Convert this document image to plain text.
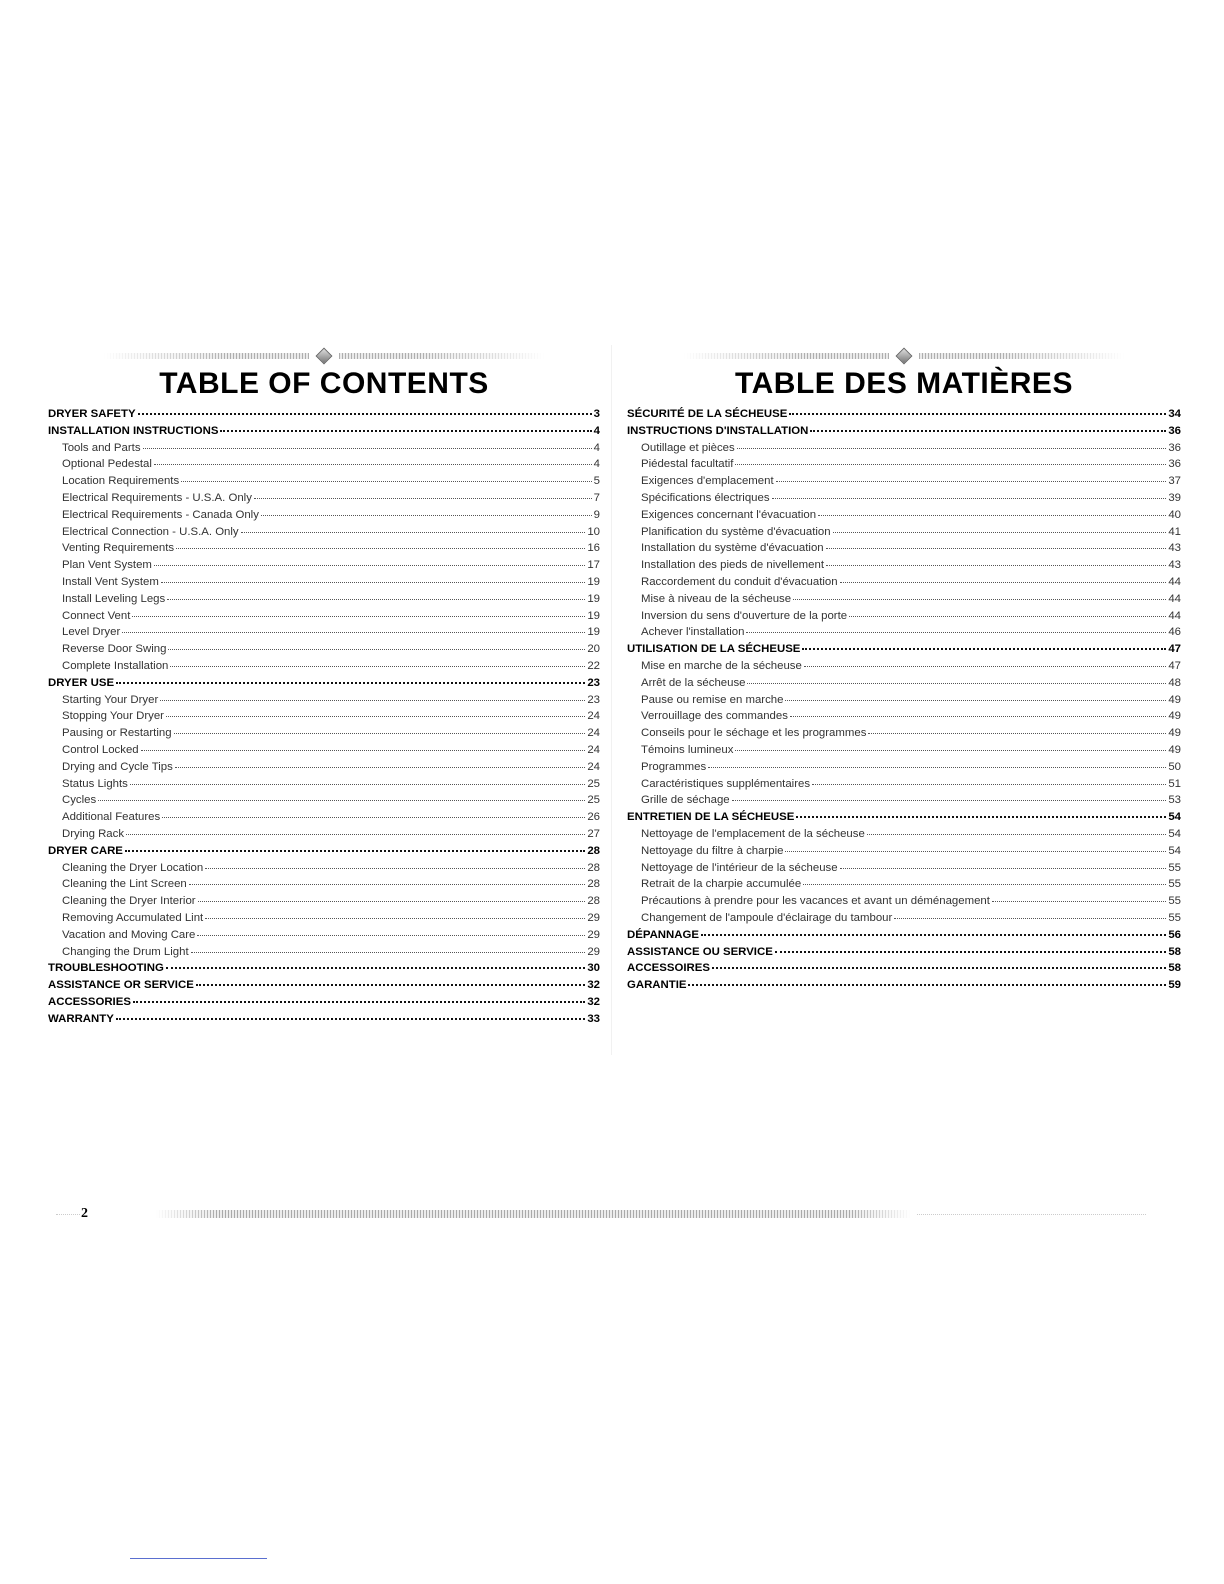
TABLE OF CONTENTS
DRYER SAFETY	3
INSTALLATION INSTRUCTIONS	4
Tools and Parts	4
Optional Pedestal	4
Location Requirements	5
Electrical Requirements - U.S.A. Only	7
Electrical Requirements - Canada Only	9
Electrical Connection - U.S.A. Only	10
Venting Requirements	16
Plan Vent System	17
Install Vent System	19
Install Leveling Legs	19
Connect Vent	19
Level Dryer	19
Reverse Door Swing	20
Complete Installation	22
DRYER USE	23
Starting Your Dryer	23
Stopping Your Dryer	24
Pausing or Restarting	24
Control Locked	24
Drying and Cycle Tips	24
Status Lights	25
Cycles	25
Additional Features	26
Drying Rack	27
DRYER CARE	28
Cleaning the Dryer Location	28
Cleaning the Lint Screen	28
Cleaning the Dryer Interior	28
Removing Accumulated Lint	29
Vacation and Moving Care	29
Changing the Drum Light	29
TROUBLESHOOTING	30
ASSISTANCE OR SERVICE	32
ACCESSORIES	32
WARRANTY	33
TABLE DES MATIÈRES
SÉCURITÉ DE LA SÉCHEUSE	34
INSTRUCTIONS D'INSTALLATION	36
Outillage et pièces	36
Piédestal facultatif	36
Exigences d'emplacement	37
Spécifications électriques	39
Exigences concernant l'évacuation	40
Planification du système d'évacuation	41
Installation du système d'évacuation	43
Installation des pieds de nivellement	43
Raccordement du conduit d'évacuation	44
Mise à niveau de la sécheuse	44
Inversion du sens d'ouverture de la porte	44
Achever l'installation	46
UTILISATION DE LA SÉCHEUSE	47
Mise en marche de la sécheuse	47
Arrêt de la sécheuse	48
Pause ou remise en marche	49
Verrouillage des commandes	49
Conseils pour le séchage et les programmes	49
Témoins lumineux	49
Programmes	50
Caractéristiques supplémentaires	51
Grille de séchage	53
ENTRETIEN DE LA SÉCHEUSE	54
Nettoyage de l'emplacement de la sécheuse	54
Nettoyage du filtre à charpie	54
Nettoyage de l'intérieur de la sécheuse	55
Retrait de la charpie accumulée	55
Précautions à prendre pour les vacances et avant un déménagement	55
Changement de l'ampoule d'éclairage du tambour	55
DÉPANNAGE	56
ASSISTANCE OU SERVICE	58
ACCESSOIRES	58
GARANTIE	59
2
